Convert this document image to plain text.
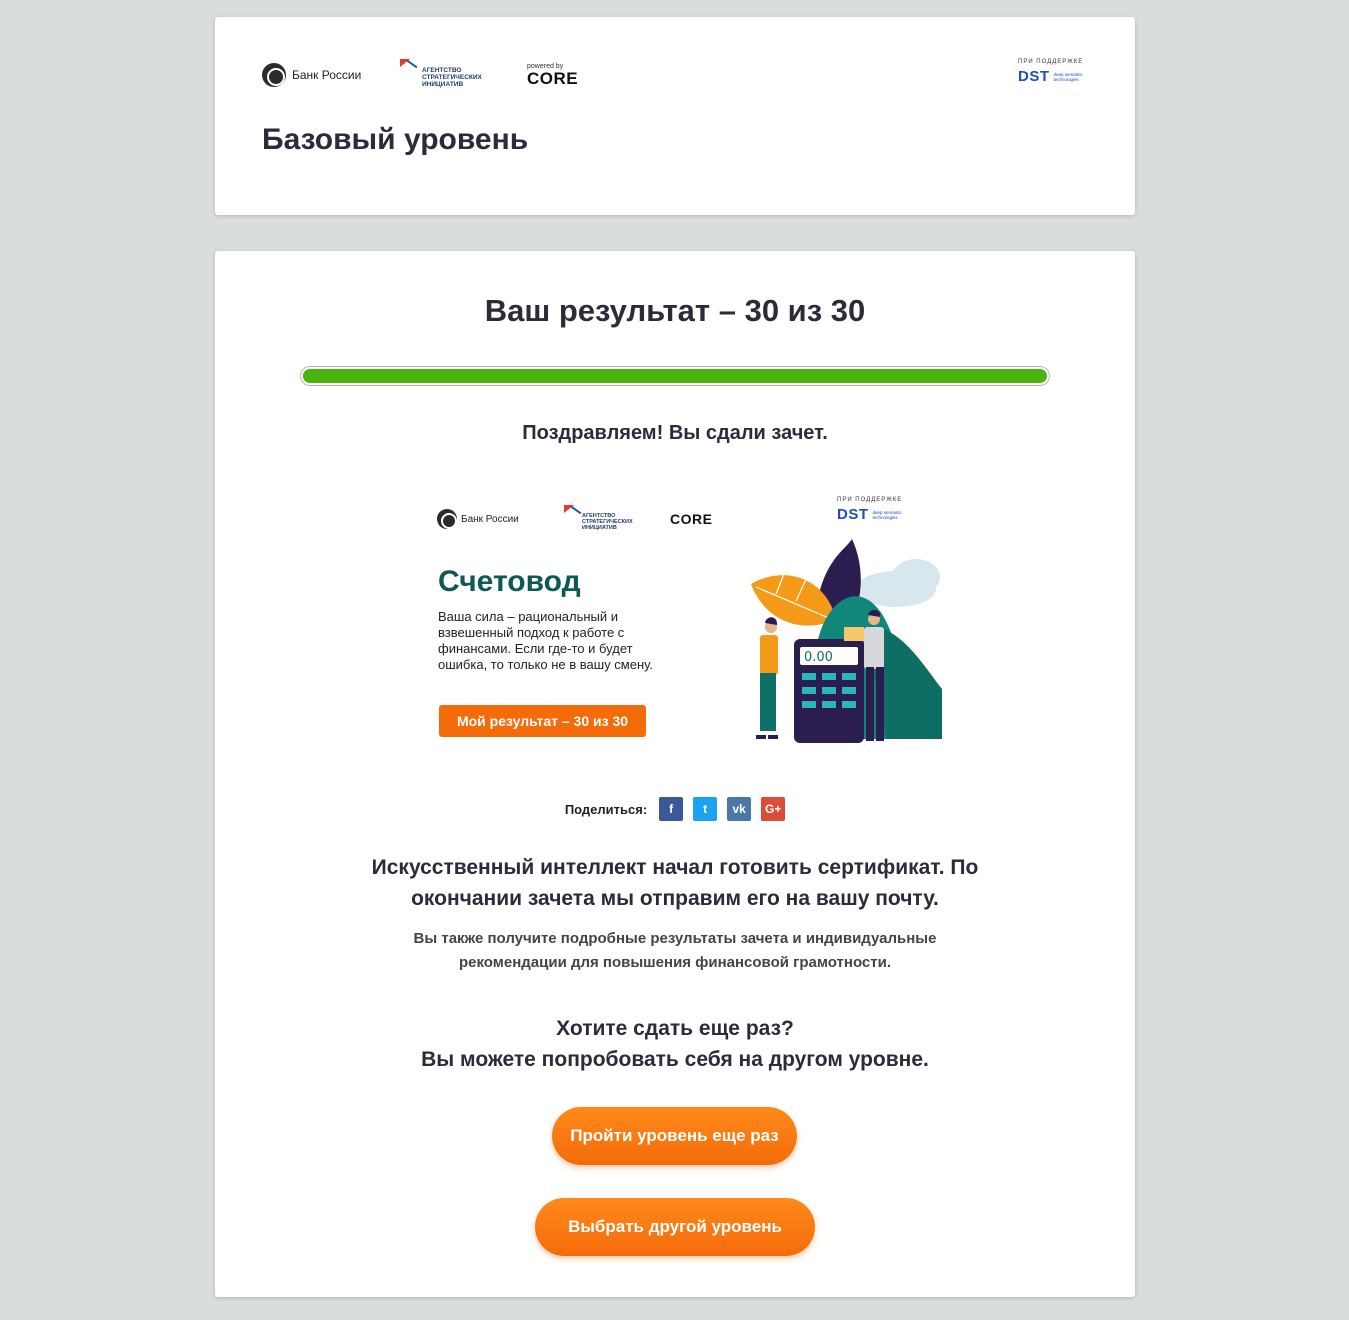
Банк России	АГЕНТСТВО
СТРАТЕГИЧЕСКИХ
ИНИЦИАТИВ
powered by
CORE
ПРИ ПОДДЕРЖКЕ
DST deep semantic
technologies
Базовый уровень
Ваш результат – 30 из 30
Поздравляем! Вы сдали зачет.
Банк России	АГЕНТСТВО
СТРАТЕГИЧЕСКИХ
ИНИЦИАТИВ
CORE
ПРИ ПОДДЕРЖКЕ
DST deep semantic
technologies
Счетовод
Ваша сила – рациональный и взвешенный подход к работе с финансами. Если где-то и будет ошибка, то только не в вашу смену.
Мой результат – 30 из 30
0.00
Поделиться:	f	t	vk	G+
Искусственный интеллект начал готовить сертификат. По
окончании зачета мы отправим его на вашу почту.
Вы также получите подробные результаты зачета и индивидуальные
рекомендации для повышения финансовой грамотности.
Хотите сдать еще раз?
Вы можете попробовать себя на другом уровне.
Пройти уровень еще раз
Выбрать другой уровень
